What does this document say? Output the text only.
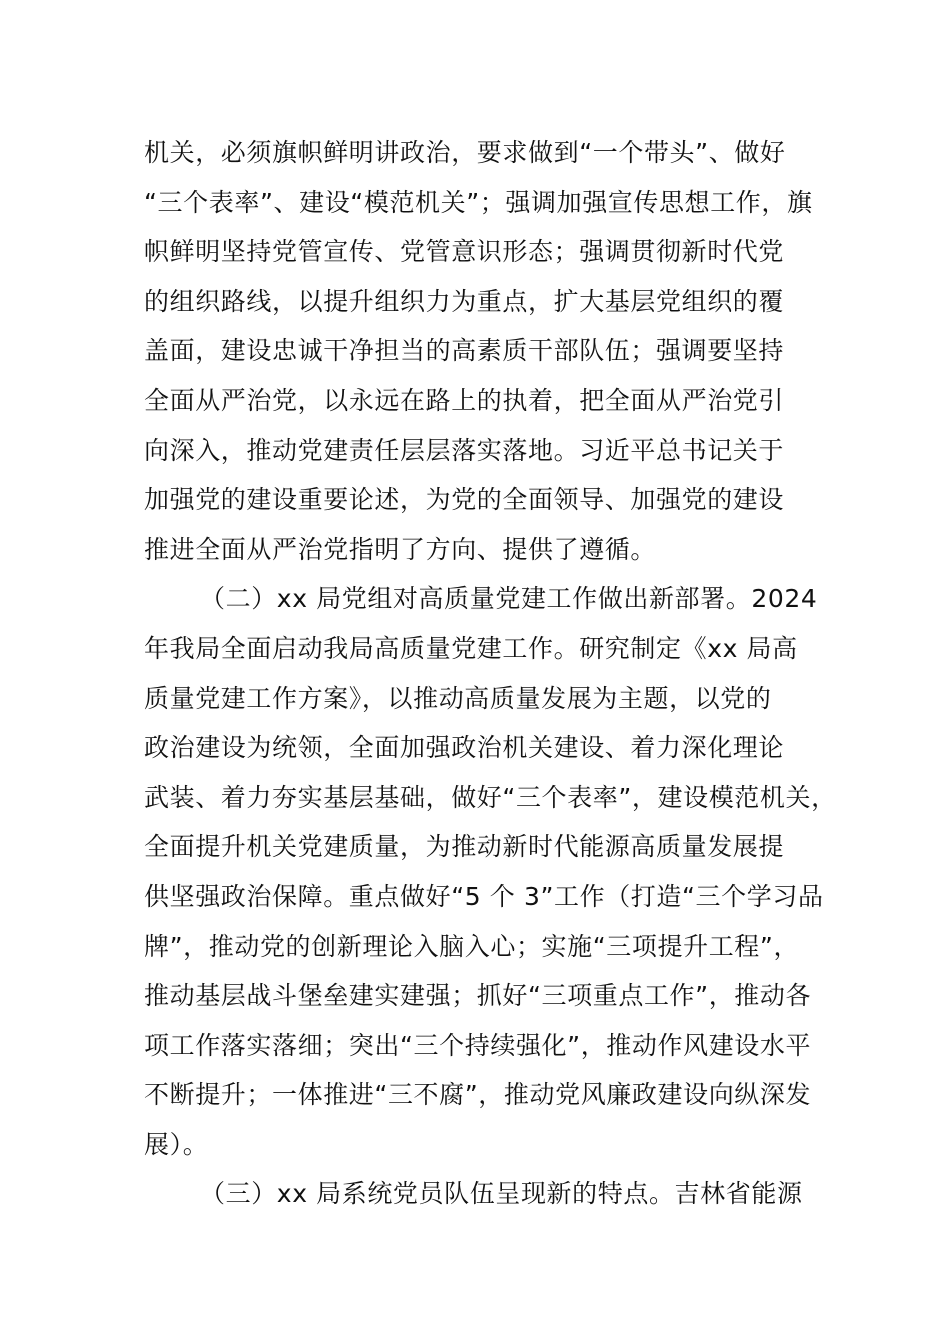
机关，必须旗帜鲜明讲政治，要求做到“一个带头”、做好
“三个表率”、建设“模范机关”；强调加强宣传思想工作，旗
帜鲜明坚持党管宣传、党管意识形态；强调贯彻新时代党
的组织路线，以提升组织力为重点，扩大基层党组织的覆
盖面，建设忠诚干净担当的高素质干部队伍；强调要坚持
全面从严治党，以永远在路上的执着，把全面从严治党引
向深入，推动党建责任层层落实落地。习近平总书记关于
加强党的建设重要论述，为党的全面领导、加强党的建设
推进全面从严治党指明了方向、提供了遵循。
（二）xx 局党组对高质量党建工作做出新部署。2024
年我局全面启动我局高质量党建工作。研究制定《xx 局高
质量党建工作方案》，以推动高质量发展为主题，以党的
政治建设为统领，全面加强政治机关建设、着力深化理论
武装、着力夯实基层基础，做好“三个表率”，建设模范机关，
全面提升机关党建质量，为推动新时代能源高质量发展提
供坚强政治保障。重点做好“5 个 3”工作（打造“三个学习品
牌”，推动党的创新理论入脑入心；实施“三项提升工程”，
推动基层战斗堡垒建实建强；抓好“三项重点工作”，推动各
项工作落实落细；突出“三个持续强化”，推动作风建设水平
不断提升；一体推进“三不腐”，推动党风廉政建设向纵深发
展）。
（三）xx 局系统党员队伍呈现新的特点。吉林省能源
